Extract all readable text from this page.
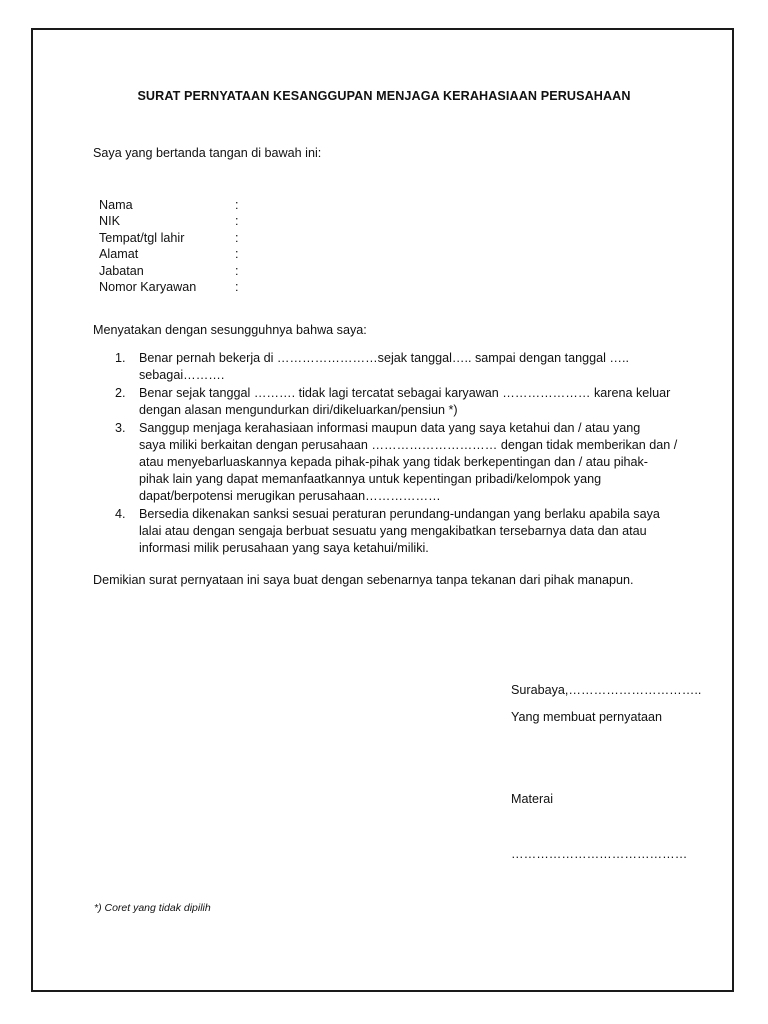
SURAT PERNYATAAN KESANGGUPAN MENJAGA KERAHASIAAN PERUSAHAAN
Saya yang bertanda tangan di bawah ini:
Nama	:
NIK	:
Tempat/tgl lahir	:
Alamat	:
Jabatan	:
Nomor Karyawan	:
Menyatakan dengan sesungguhnya bahwa saya:
1. Benar pernah bekerja di ……………………sejak tanggal….. sampai dengan tanggal …..
sebagai……….
2. Benar sejak tanggal ………. tidak lagi tercatat sebagai karyawan ………………… karena keluar
dengan alasan mengundurkan diri/dikeluarkan/pensiun *)
3. Sanggup menjaga kerahasiaan informasi maupun data yang saya ketahui dan / atau yang
saya miliki berkaitan dengan perusahaan ………………………… dengan tidak memberikan dan /
atau menyebarluaskannya kepada pihak-pihak yang tidak berkepentingan dan / atau pihak-
pihak lain yang dapat memanfaatkannya untuk kepentingan pribadi/kelompok yang
dapat/berpotensi merugikan perusahaan………………
4. Bersedia dikenakan sanksi sesuai peraturan perundang-undangan yang berlaku apabila saya
lalai atau dengan sengaja berbuat sesuatu yang mengakibatkan tersebarnya data dan atau
informasi milik perusahaan yang saya ketahui/miliki.
Demikian surat pernyataan ini saya buat dengan sebenarnya tanpa tekanan dari pihak manapun.
Surabaya,…………………………..
Yang membuat pernyataan
Materai
……………………………………
*) Coret yang tidak dipilih
